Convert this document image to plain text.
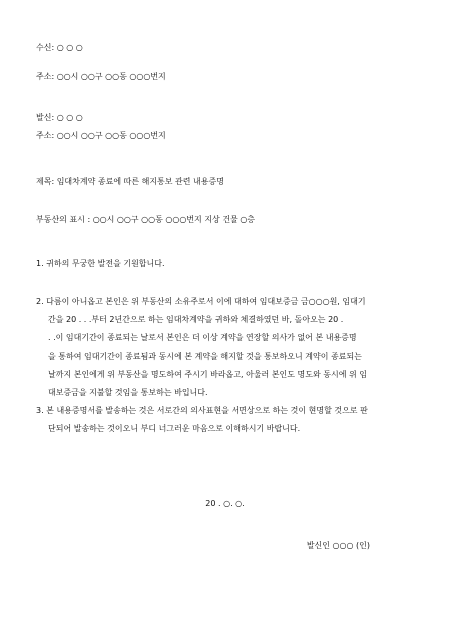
수신: ○ ○ ○
주소: ○○시 ○○구 ○○동 ○○○번지
발신: ○ ○ ○
주소: ○○시 ○○구 ○○동 ○○○번지
제목: 임대차계약 종료에 따른 해지통보 관련 내용증명
부동산의 표시 : ○○시 ○○구 ○○동 ○○○번지 지상 건물 ○층
1. 귀하의 무궁한 발전을 기원합니다.
2. 다름이 아니옵고 본인은 위 부동산의 소유주로서 이에 대하여 임대보증금 금○○○원, 임대기
간을 20 . . .부터 2년간으로 하는 임대차계약을 귀하와 체결하였던 바, 돌아오는 20 .
. .이 임대기간이 종료되는 날로서 본인은 더 이상 계약을 연장할 의사가 없어 본 내용증명
을 통하여 임대기간이 종료됨과 동시에 본 계약을 해지할 것을 통보하오니 계약이 종료되는
날까지 본인에게 위 부동산을 명도하여 주시기 바라옵고, 아울러 본인도 명도와 동시에 위 임
대보증금을 지불할 것임을 통보하는 바입니다.
3. 본 내용증명서를 발송하는 것은 서로간의 의사표현을 서면상으로 하는 것이 현명할 것으로 판
단되어 발송하는 것이오니 부디 너그러운 마음으로 이해하시기 바랍니다.
20 . ○. ○.
발신인 ○○○ (인)
